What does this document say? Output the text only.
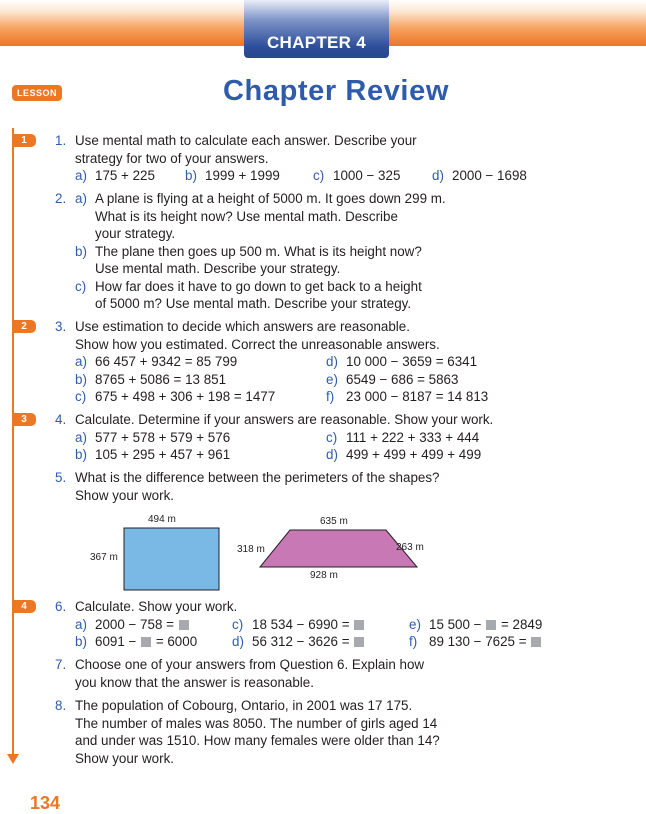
CHAPTER 4
LESSON	Chapter Review
1
2
3
4
1. Use mental math to calculate each answer. Describe your
strategy for two of your answers.
a) 175 + 225 b) 1999 + 1999 c) 1000 − 325 d) 2000 − 1698
2. a) A plane is flying at a height of 5000 m. It goes down 299 m.
What is its height now? Use mental math. Describe
your strategy.
b) The plane then goes up 500 m. What is its height now?
Use mental math. Describe your strategy.
c) How far does it have to go down to get back to a height
of 5000 m? Use mental math. Describe your strategy.
3. Use estimation to decide which answers are reasonable.
Show how you estimated. Correct the unreasonable answers.
a) 66 457 + 9342 = 85 799
b) 8765 + 5086 = 13 851
c) 675 + 498 + 306 + 198 = 1477
d) 10 000 − 3659 = 6341
e) 6549 − 686 = 5863
f) 23 000 − 8187 = 14 813
4. Calculate. Determine if your answers are reasonable. Show your work.
a) 577 + 578 + 579 + 576
b) 105 + 295 + 457 + 961
c) 111 + 222 + 333 + 444
d) 499 + 499 + 499 + 499
5. What is the difference between the perimeters of the shapes?
Show your work.
494 m
367 m
635 m
318 m	263 m
928 m
6. Calculate. Show your work.
a) 2000 − 758 =
b) 6091 − = 6000
c) 18 534 − 6990 =
d) 56 312 − 3626 =
e) 15 500 − = 2849
f) 89 130 − 7625 =
7. Choose one of your answers from Question 6. Explain how
you know that the answer is reasonable.
8. The population of Cobourg, Ontario, in 2001 was 17 175.
The number of males was 8050. The number of girls aged 14
and under was 1510. How many females were older than 14?
Show your work.
134
